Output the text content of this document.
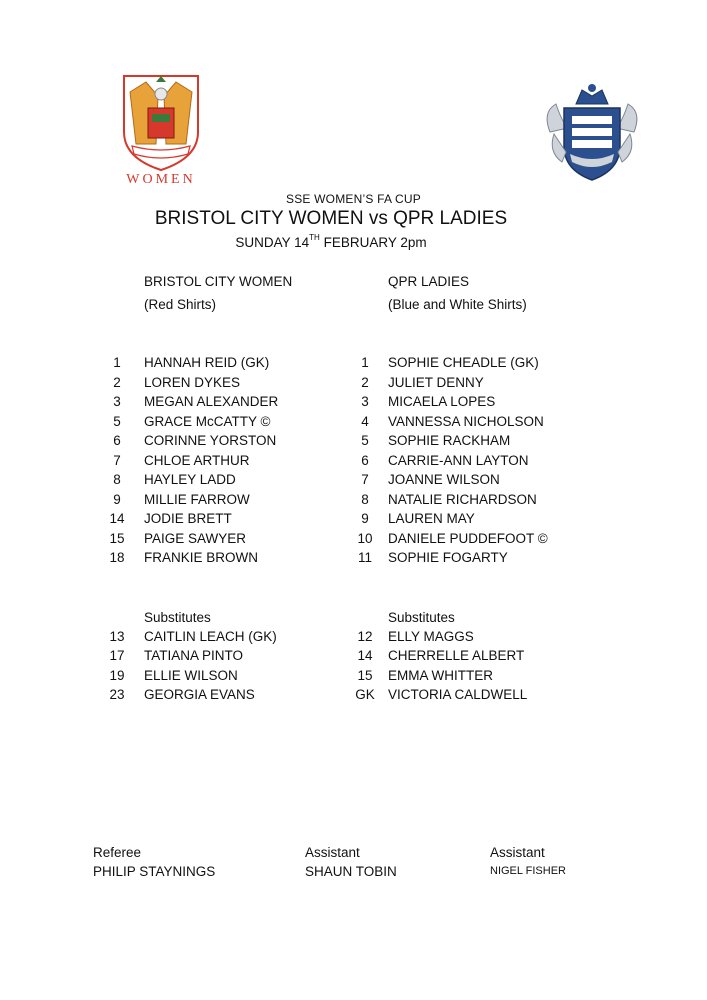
WOMEN
SSE WOMEN’S FA CUP
BRISTOL CITY WOMEN vs QPR LADIES
SUNDAY 14TH FEBRUARY 2pm
BRISTOL CITY WOMEN
(Red Shirts)
QPR LADIES
(Blue and White Shirts)
1	HANNAH REID (GK)
2	LOREN DYKES
3	MEGAN ALEXANDER
5	GRACE McCATTY ©
6	CORINNE YORSTON
7	CHLOE ARTHUR
8	HAYLEY LADD
9	MILLIE FARROW
14	JODIE BRETT
15	PAIGE SAWYER
18	FRANKIE BROWN
1	SOPHIE CHEADLE (GK)
2	JULIET DENNY
3	MICAELA LOPES
4	VANNESSA NICHOLSON
5	SOPHIE RACKHAM
6	CARRIE-ANN LAYTON
7	JOANNE WILSON
8	NATALIE RICHARDSON
9	LAUREN MAY
10	DANIELE PUDDEFOOT ©
11	SOPHIE FOGARTY
Substitutes	Substitutes
13	CAITLIN LEACH (GK)
17	TATIANA PINTO
19	ELLIE WILSON
23	GEORGIA EVANS
12	ELLY MAGGS
14	CHERRELLE ALBERT
15	EMMA WHITTER
GK VICTORIA CALDWELL
Referee
PHILIP STAYNINGS
Assistant
SHAUN TOBIN
Assistant
NIGEL FISHER
